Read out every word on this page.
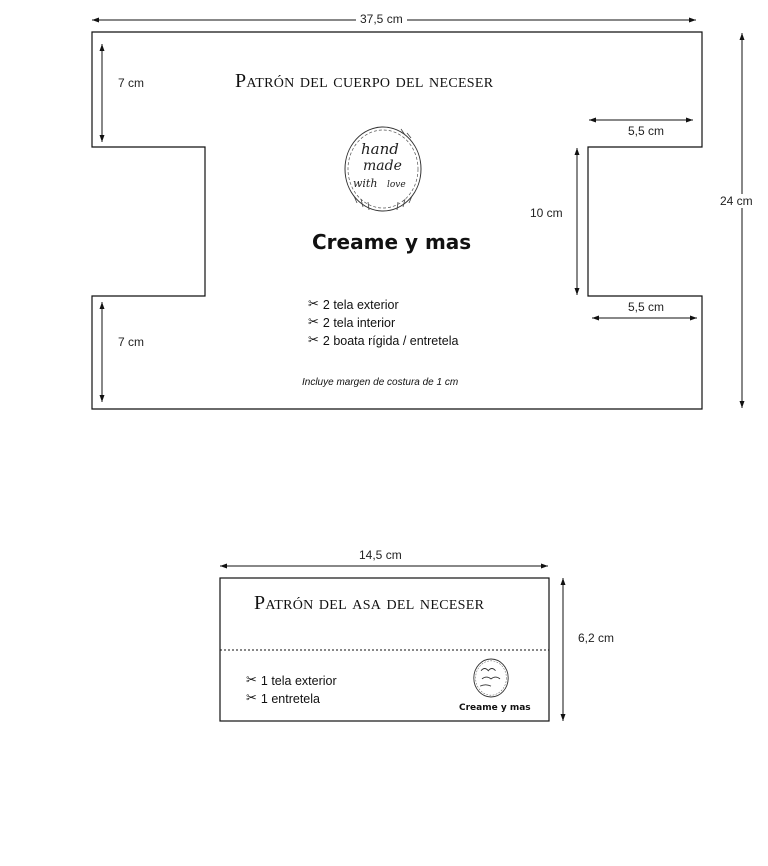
37,5 cm
24 cm
7 cm
7 cm
5,5 cm
5,5 cm
10 cm
Patrón del cuerpo del neceser
hand
made
with love
Creame y mas
✂ 2 tela exterior
✂ 2 tela interior
✂ 2 boata rígida / entretela
Incluye margen de costura de 1 cm
14,5 cm
6,2 cm
Patrón del asa del neceser
✂ 1 tela exterior
✂ 1 entretela
Creame y mas
